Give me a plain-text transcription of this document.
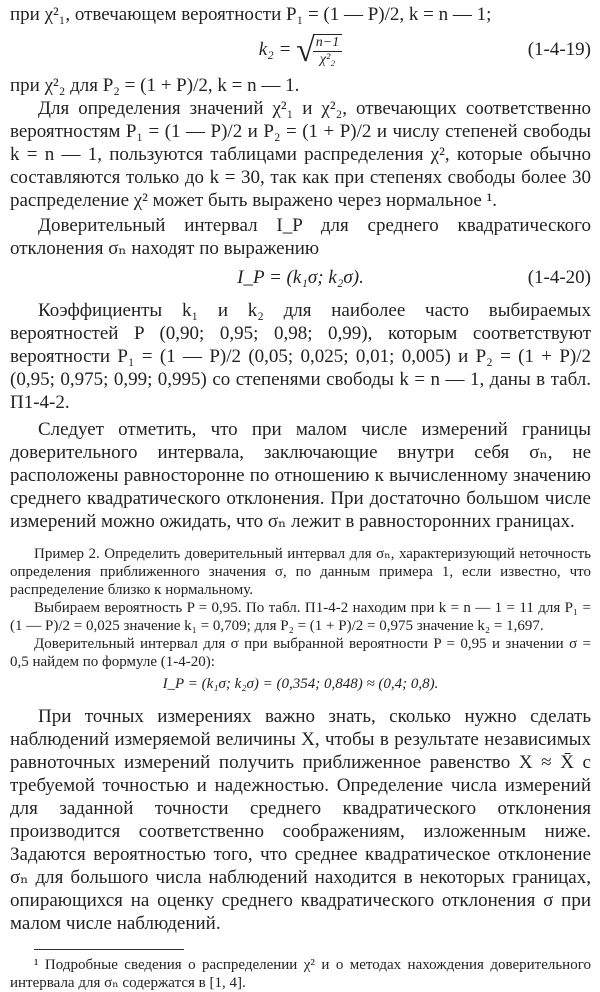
при χ²₁, отвечающем вероятности P₁ = (1 — P)/2, k = n — 1;

k₂ = √
$\frac{n-1}{\text{χ²₂}}$	(1-4-19)

при χ²₂ для P₂ = (1 + P)/2, k = n — 1.

Для определения значений χ²₁ и χ²₂, отвечающих соответственно вероятностям P₁ = (1 — P)/2 и P₂ = (1 + P)/2 и числу степеней свободы k = n — 1, пользуются таблицами распределения χ², которые обычно составляются только до k = 30, так как при степенях свободы более 30 распределение χ² может быть выражено через нормальное ¹.

Доверительный интервал I_P для среднего квадратического отклонения σₙ находят по выражению

I_P = (k₁σ; k₂σ).	(1-4-20)

Коэффициенты k₁ и k₂ для наиболее часто выбираемых вероятностей P (0,90; 0,95; 0,98; 0,99), которым соответствуют вероятности P₁ = (1 — P)/2 (0,05; 0,025; 0,01; 0,005) и P₂ = (1 + P)/2 (0,95; 0,975; 0,99; 0,995) со степенями свободы k = n — 1, даны в табл. П1-4-2.

Следует отметить, что при малом числе измерений границы доверительного интервала, заключающие внутри себя σₙ, не расположены равносторонне по отношению к вычисленному значению среднего квадратического отклонения. При достаточно большом числе измерений можно ожидать, что σₙ лежит в равносторонних границах.

Пример 2. Определить доверительный интервал для σₙ, характеризующий неточность определения приближенного значения σ, по данным примера 1, если известно, что распределение близко к нормальному.

Выбираем вероятность P = 0,95. По табл. П1-4-2 находим при k = n — 1 = 11 для P₁ = (1 — P)/2 = 0,025 значение k₁ = 0,709; для P₂ = (1 + P)/2 = 0,975 значение k₂ = 1,697.

Доверительный интервал для σ при выбранной вероятности P = 0,95 и значении σ = 0,5 найдем по формуле (1-4-20):

I_P = (k₁σ; k₂σ) = (0,354; 0,848) ≈ (0,4; 0,8).

При точных измерениях важно знать, сколько нужно сделать наблюдений измеряемой величины X, чтобы в результате независимых равноточных измерений получить приближенное равенство X ≈ X̄ с требуемой точностью и надежностью. Определение числа измерений для заданной точности среднего квадратического отклонения производится соответственно соображениям, изложенным ниже. Задаются вероятностью того, что среднее квадратическое отклонение σₙ для большого числа наблюдений находится в некоторых границах, опирающихся на оценку среднего квадратического отклонения σ при малом числе наблюдений.

¹ Подробные сведения о распределении χ² и о методах нахождения доверительного интервала для σₙ содержатся в [1, 4].
